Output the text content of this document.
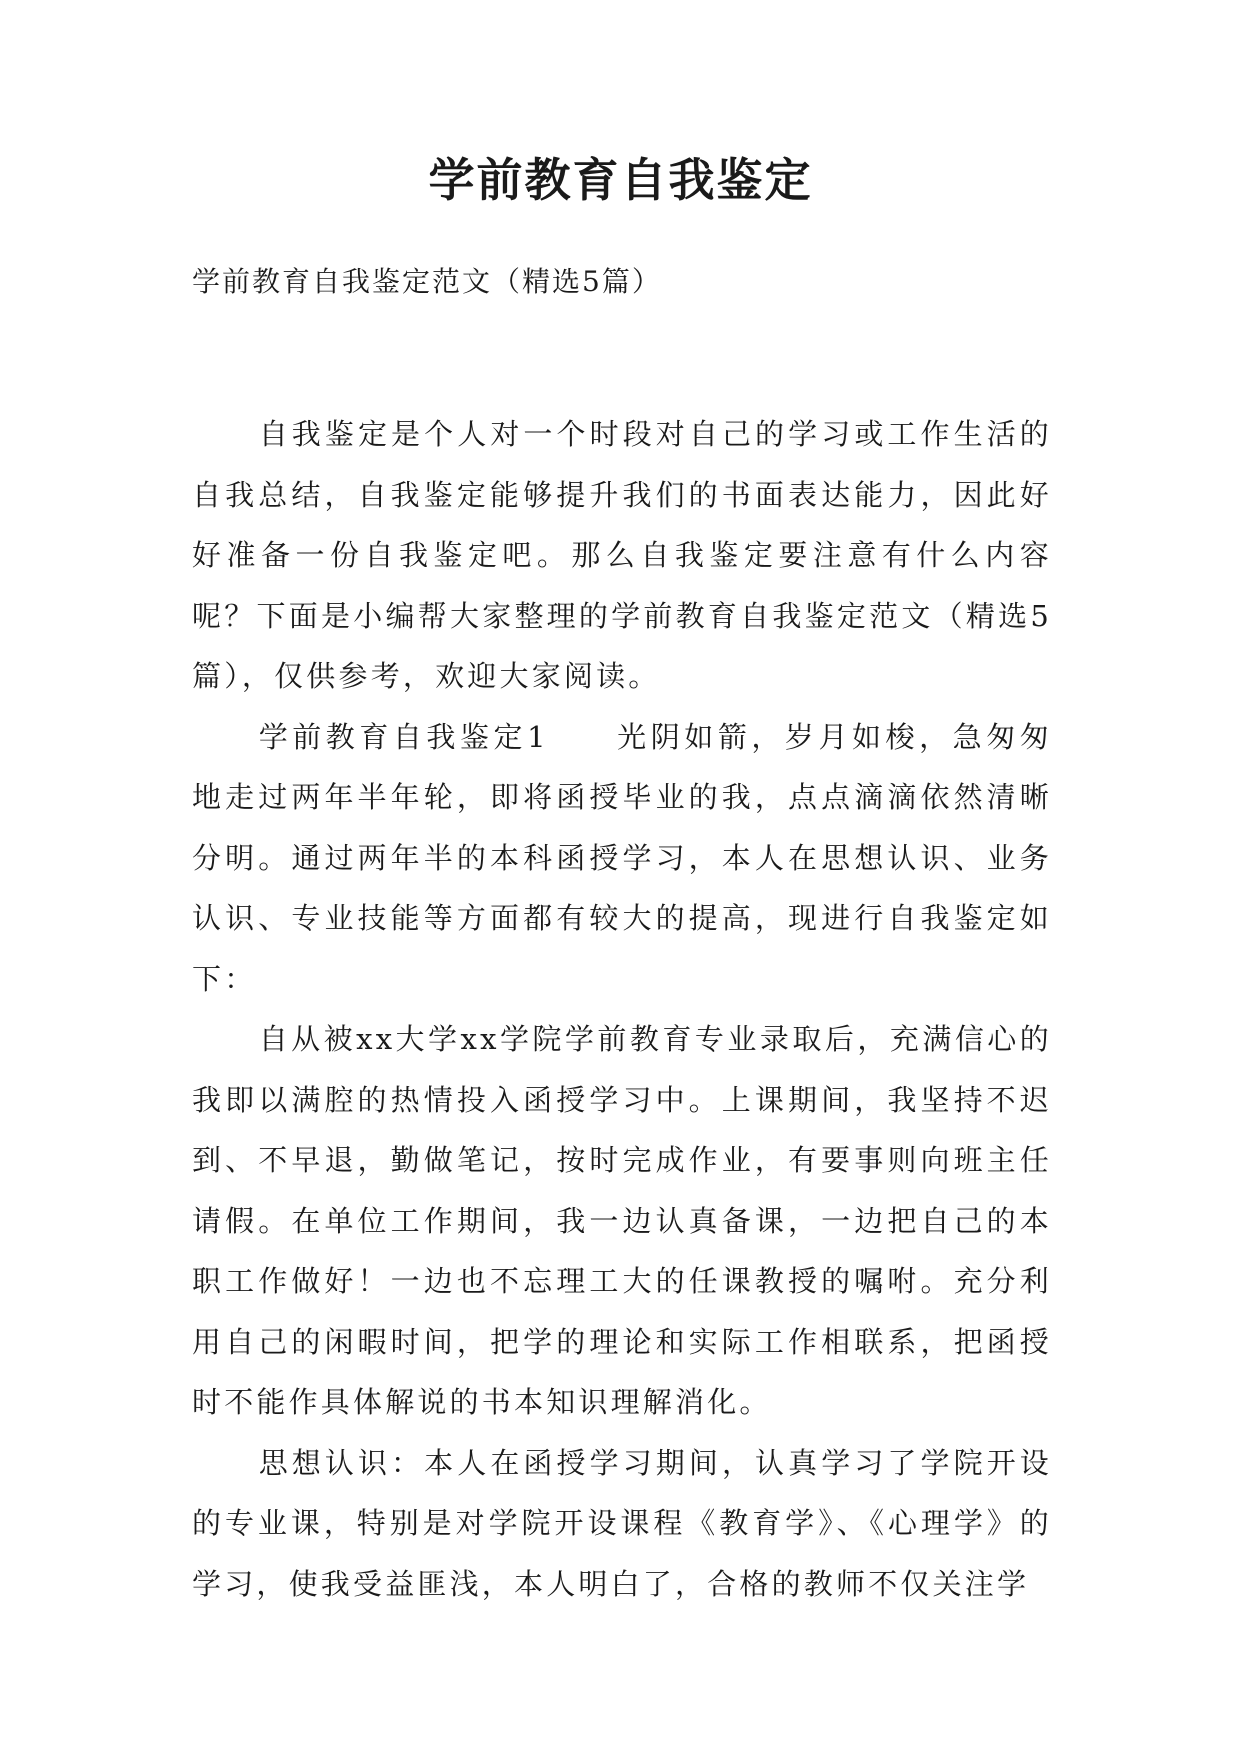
学前教育自我鉴定

学前教育自我鉴定范文（精选5篇）

自我鉴定是个人对一个时段对自己的学习或工作生活的自我总结，自我鉴定能够提升我们的书面表达能力，因此好好准备一份自我鉴定吧。那么自我鉴定要注意有什么内容呢？下面是小编帮大家整理的学前教育自我鉴定范文（精选5篇），仅供参考，欢迎大家阅读。

学前教育自我鉴定1　　光阴如箭，岁月如梭，急匆匆地走过两年半年轮，即将函授毕业的我，点点滴滴依然清晰分明。通过两年半的本科函授学习，本人在思想认识、业务认识、专业技能等方面都有较大的提高，现进行自我鉴定如下：

自从被xx大学xx学院学前教育专业录取后，充满信心的我即以满腔的热情投入函授学习中。上课期间，我坚持不迟到、不早退，勤做笔记，按时完成作业，有要事则向班主任请假。在单位工作期间，我一边认真备课，一边把自己的本职工作做好！一边也不忘理工大的任课教授的嘱咐。充分利用自己的闲暇时间，把学的理论和实际工作相联系，把函授时不能作具体解说的书本知识理解消化。

思想认识：本人在函授学习期间，认真学习了学院开设的专业课，特别是对学院开设课程《教育学》、《心理学》的学习，使我受益匪浅，本人明白了，合格的教师不仅关注学
